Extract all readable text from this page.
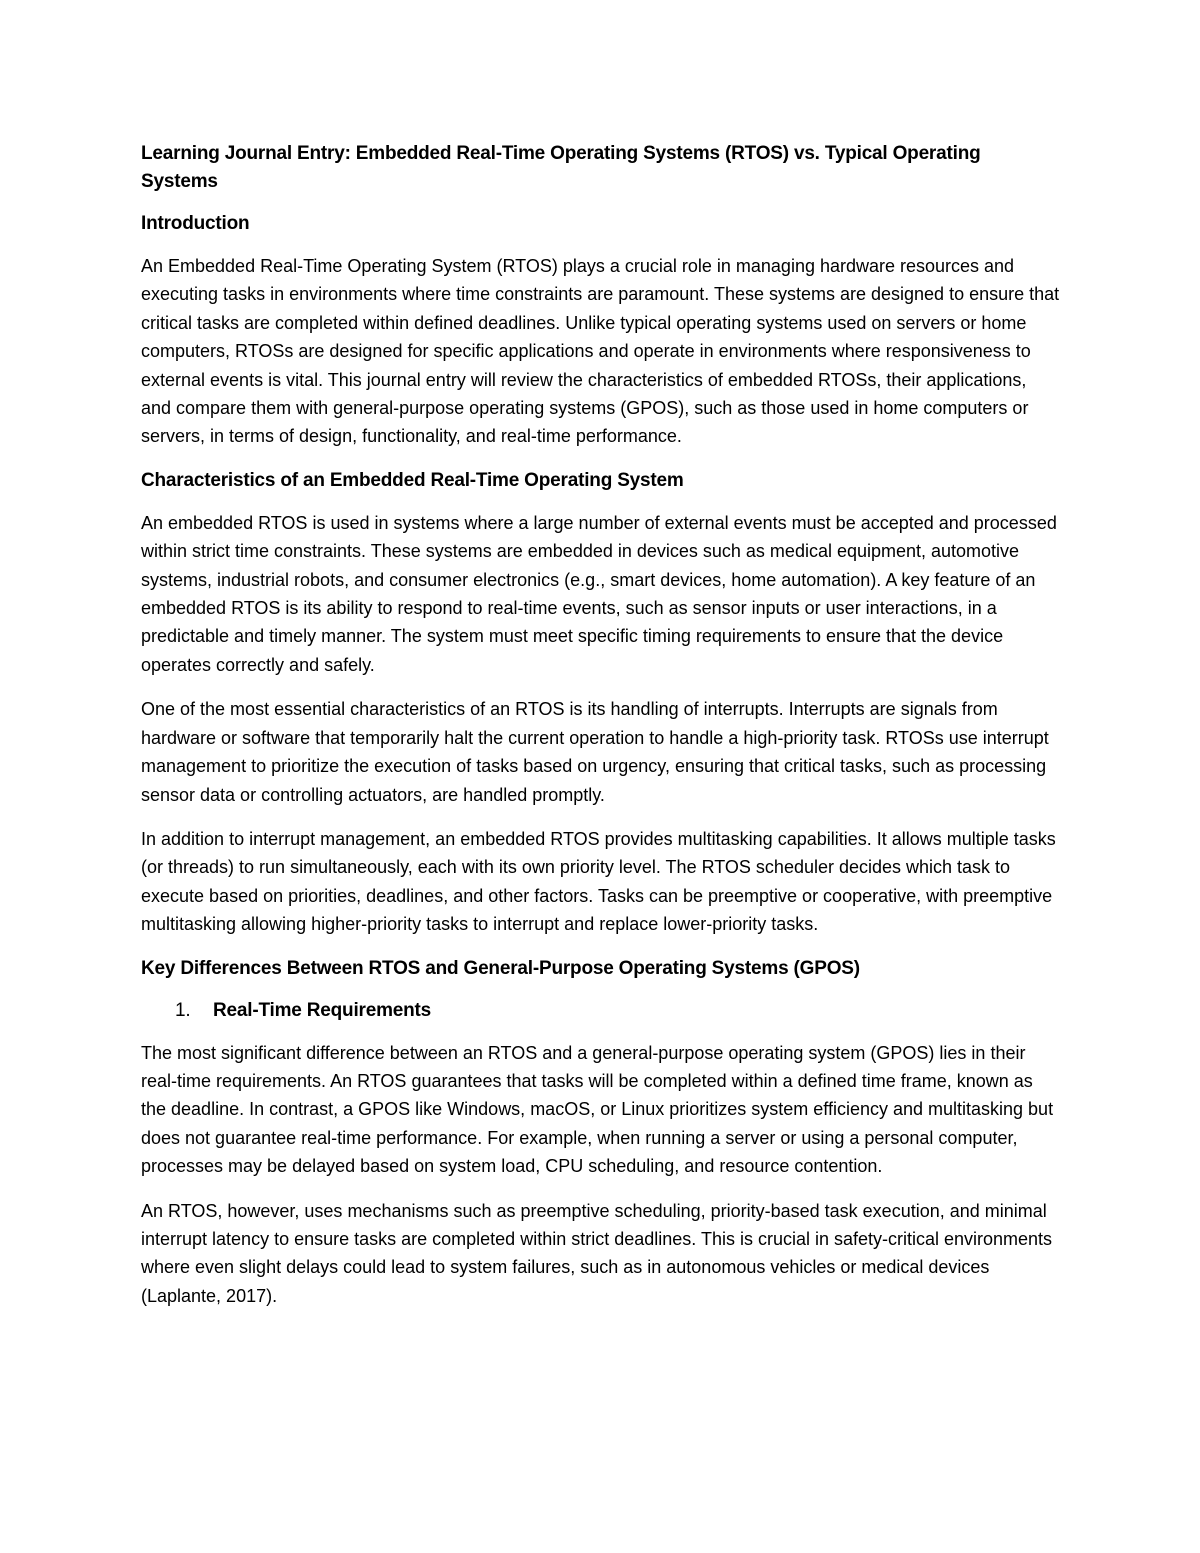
Learning Journal Entry: Embedded Real-Time Operating Systems (RTOS) vs. Typical Operating Systems
Introduction

An Embedded Real-Time Operating System (RTOS) plays a crucial role in managing hardware resources and executing tasks in environments where time constraints are paramount. These systems are designed to ensure that critical tasks are completed within defined deadlines. Unlike typical operating systems used on servers or home computers, RTOSs are designed for specific applications and operate in environments where responsiveness to external events is vital. This journal entry will review the characteristics of embedded RTOSs, their applications, and compare them with general-purpose operating systems (GPOS), such as those used in home computers or servers, in terms of design, functionality, and real-time performance.

Characteristics of an Embedded Real-Time Operating System

An embedded RTOS is used in systems where a large number of external events must be accepted and processed within strict time constraints. These systems are embedded in devices such as medical equipment, automotive systems, industrial robots, and consumer electronics (e.g., smart devices, home automation). A key feature of an embedded RTOS is its ability to respond to real-time events, such as sensor inputs or user interactions, in a predictable and timely manner. The system must meet specific timing requirements to ensure that the device operates correctly and safely.

One of the most essential characteristics of an RTOS is its handling of interrupts. Interrupts are signals from hardware or software that temporarily halt the current operation to handle a high-priority task. RTOSs use interrupt management to prioritize the execution of tasks based on urgency, ensuring that critical tasks, such as processing sensor data or controlling actuators, are handled promptly.

In addition to interrupt management, an embedded RTOS provides multitasking capabilities. It allows multiple tasks (or threads) to run simultaneously, each with its own priority level. The RTOS scheduler decides which task to execute based on priorities, deadlines, and other factors. Tasks can be preemptive or cooperative, with preemptive multitasking allowing higher-priority tasks to interrupt and replace lower-priority tasks.

Key Differences Between RTOS and General-Purpose Operating Systems (GPOS)
1.	Real-Time Requirements

The most significant difference between an RTOS and a general-purpose operating system (GPOS) lies in their real-time requirements. An RTOS guarantees that tasks will be completed within a defined time frame, known as the deadline. In contrast, a GPOS like Windows, macOS, or Linux prioritizes system efficiency and multitasking but does not guarantee real-time performance. For example, when running a server or using a personal computer, processes may be delayed based on system load, CPU scheduling, and resource contention.

An RTOS, however, uses mechanisms such as preemptive scheduling, priority-based task execution, and minimal interrupt latency to ensure tasks are completed within strict deadlines. This is crucial in safety-critical environments where even slight delays could lead to system failures, such as in autonomous vehicles or medical devices (Laplante, 2017).
